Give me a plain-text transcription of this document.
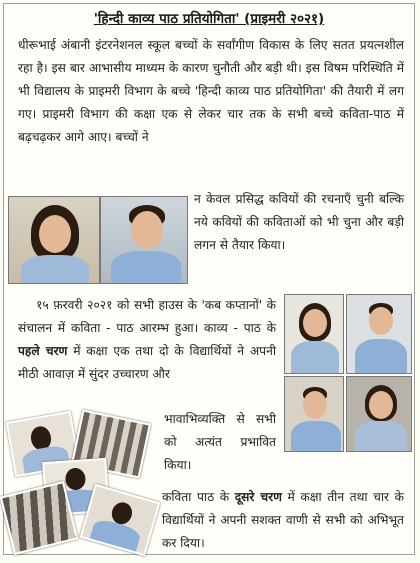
'हिन्दी काव्य पाठ प्रतियोगिता' (प्राइमरी २०२१)
धीरूभाई अंबानी इंटरनेशनल स्कूल बच्चों के सर्वांगीण विकास के लिए सतत प्रयत्नशील रहा है। इस बार आभासीय माध्यम के कारण चुनौती और बड़ी थी। इस विषम परिस्थिति में भी विद्यालय के प्राइमरी विभाग के बच्चे 'हिन्दी काव्य पाठ प्रतियोगिता' की तैयारी में लग गए। प्राइमरी विभाग की कक्षा एक से लेकर चार तक के सभी बच्चे कविता-पाठ में बढ़चढ़कर आगे आए। बच्चों ने
न केवल प्रसिद्ध कवियों की रचनाएँ चुनी बल्कि नये कवियों की कविताओं को भी चुना और बड़ी लगन से तैयार किया।
१५ फ़रवरी २०२१ को सभी हाउस के 'कब कप्तानों' के संचालन में कविता - पाठ आरम्भ हुआ। काव्य - पाठ के पहले चरण में कक्षा एक तथा दो के विद्यार्थियों ने अपनी मीठी आवाज़ में सुंदर उच्चारण और
भावाभिव्यक्ति से सभी को अत्यंत प्रभावित किया।
कविता पाठ के दूसरे चरण में कक्षा तीन तथा चार के विद्यार्थियों ने अपनी सशक्त वाणी से सभी को अभिभूत कर दिया।
